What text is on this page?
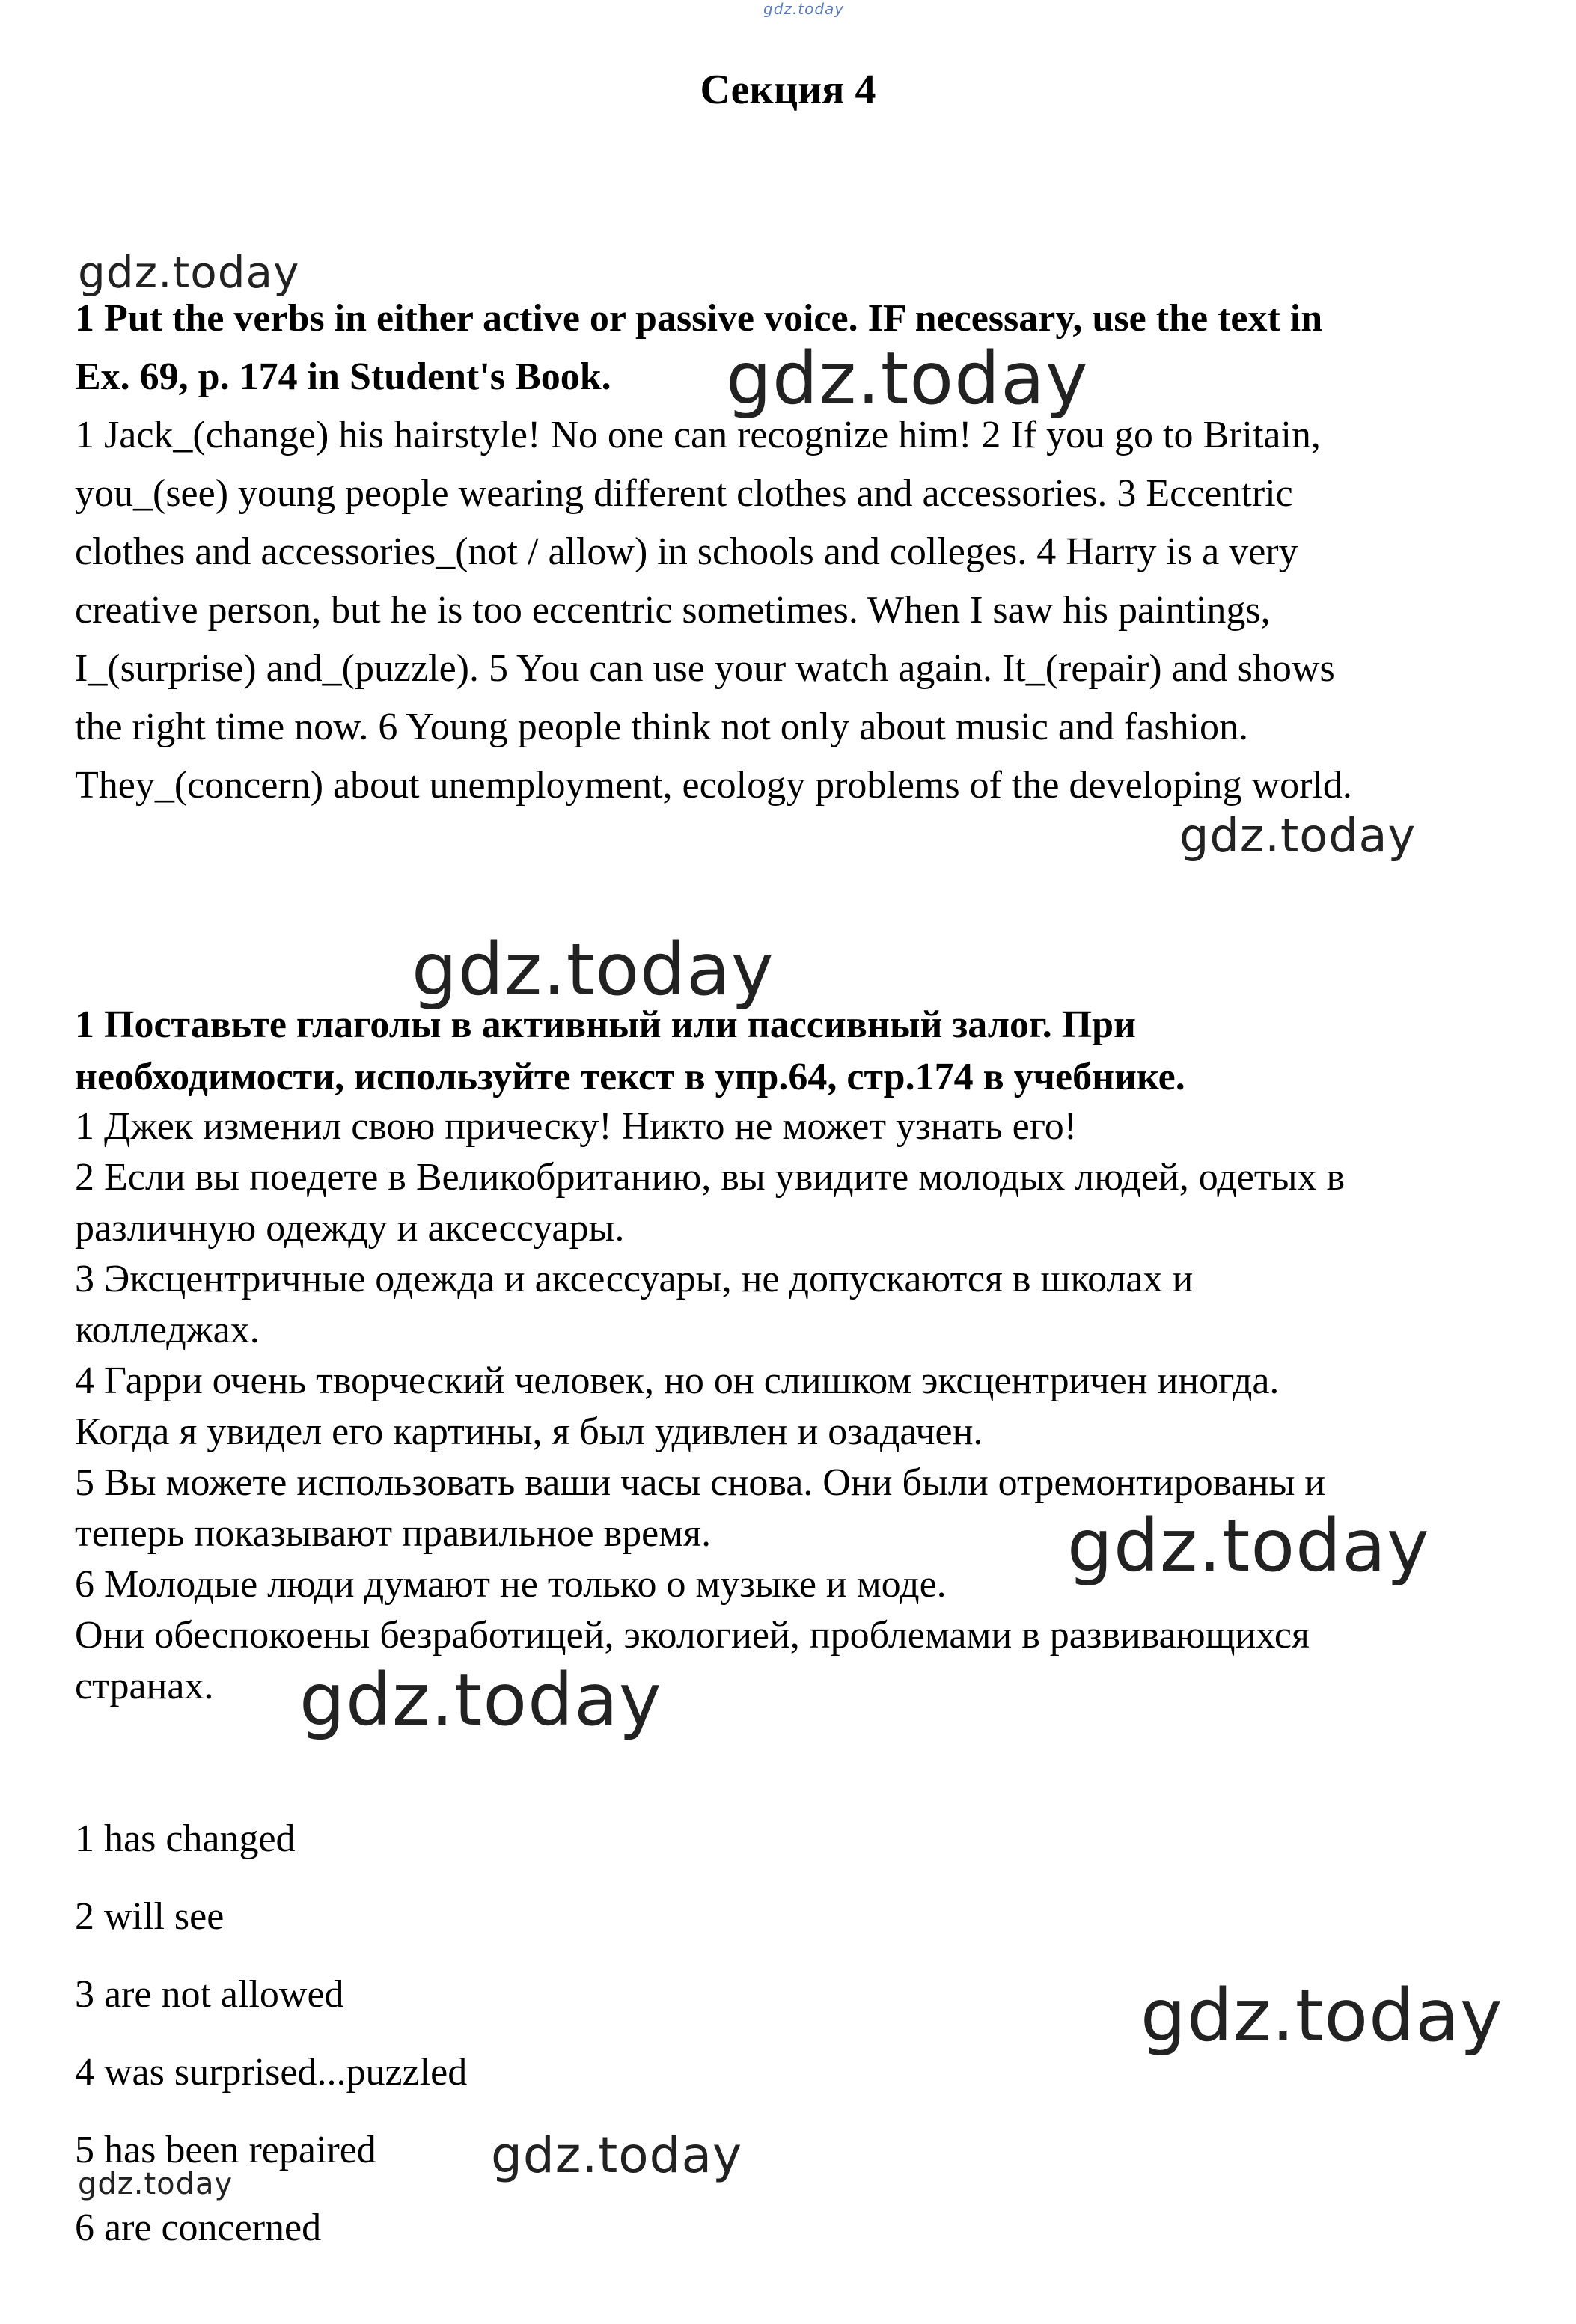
gdz.today
gdz.today
gdz.today
gdz.today
gdz.today
gdz.today
gdz.today
gdz.today
gdz.today
gdz.today
Секция 4
1 Put the verbs in either active or passive voice. IF necessary, use the text in
Ex. 69, p. 174 in Student's Book.
1 Jack_(change) his hairstyle! No one can recognize him! 2 If you go to Britain,
you_(see) young people wearing different clothes and accessories. 3 Eccentric
clothes and accessories_(not / allow) in schools and colleges. 4 Harry is a very
creative person, but he is too eccentric sometimes. When I saw his paintings,
I_(surprise) and_(puzzle). 5 You can use your watch again. It_(repair) and shows
the right time now. 6 Young people think not only about music and fashion.
They_(concern) about unemployment, ecology problems of the developing world.
1 Поставьте глаголы в активный или пассивный залог. При
необходимости, используйте текст в упр.64, стр.174 в учебнике.
1 Джек изменил свою прическу! Никто не может узнать его!
2 Если вы поедете в Великобританию, вы увидите молодых людей, одетых в
различную одежду и аксессуары.
3 Эксцентричные одежда и аксессуары, не допускаются в школах и
колледжах.
4 Гарри очень творческий человек, но он слишком эксцентричен иногда.
Когда я увидел его картины, я был удивлен и озадачен.
5 Вы можете использовать ваши часы снова. Они были отремонтированы и
теперь показывают правильное время.
6 Молодые люди думают не только о музыке и моде.
Они обеспокоены безработицей, экологией, проблемами в развивающихся
странах.
1 has changed
2 will see
3 are not allowed
4 was surprised...puzzled
5 has been repaired
6 are concerned
